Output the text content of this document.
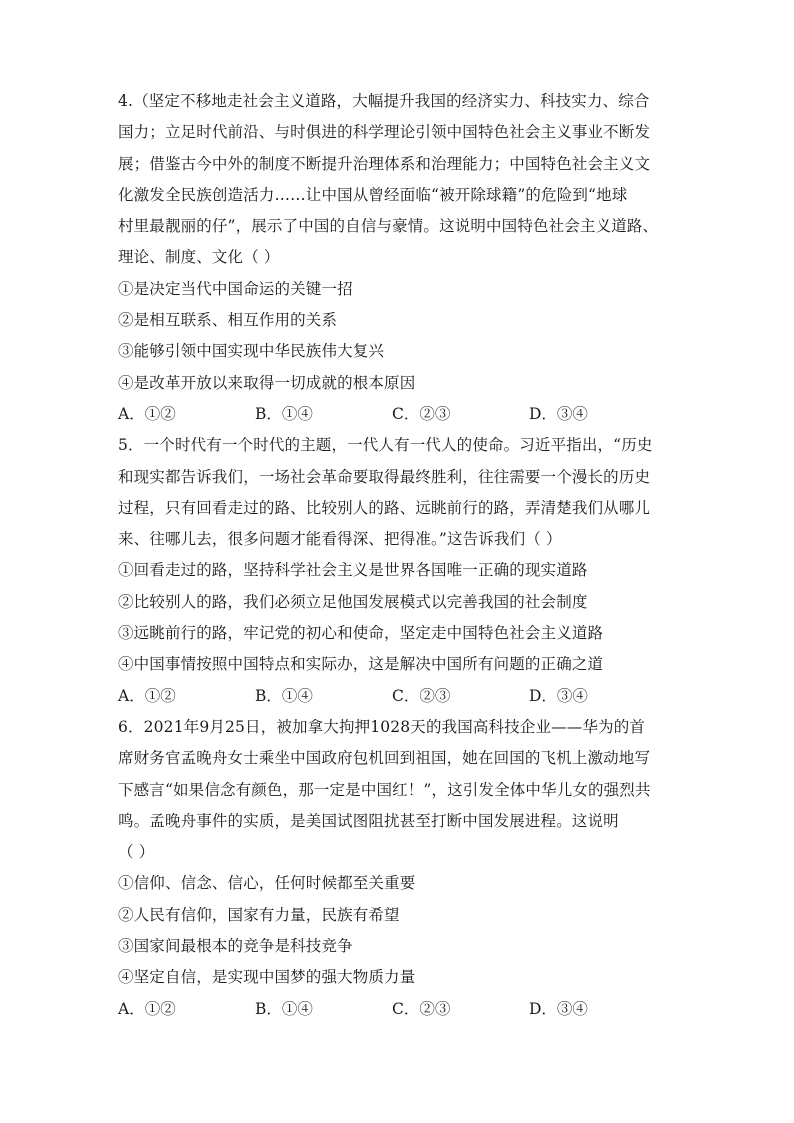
4.（坚定不移地走社会主义道路，大幅提升我国的经济实力、科技实力、综合
国力；立足时代前沿、与时俱进的科学理论引领中国特色社会主义事业不断发
展；借鉴古今中外的制度不断提升治理体系和治理能力；中国特色社会主义文
化激发全民族创造活力……让中国从曾经面临“被开除球籍”的危险到“地球
村里最靓丽的仔”，展示了中国的自信与豪情。这说明中国特色社会主义道路、
理论、制度、文化（ ）
①是决定当代中国命运的关键一招
②是相互联系、相互作用的关系
③能够引领中国实现中华民族伟大复兴
④是改革开放以来取得一切成就的根本原因
A．①②	B．①④	C．②③	D．③④
5．一个时代有一个时代的主题，一代人有一代人的使命。习近平指出，“历史
和现实都告诉我们，一场社会革命要取得最终胜利，往往需要一个漫长的历史
过程，只有回看走过的路、比较别人的路、远眺前行的路，弄清楚我们从哪儿
来、往哪儿去，很多问题才能看得深、把得准。”这告诉我们（ ）
①回看走过的路，坚持科学社会主义是世界各国唯一正确的现实道路
②比较别人的路，我们必须立足他国发展模式以完善我国的社会制度
③远眺前行的路，牢记党的初心和使命，坚定走中国特色社会主义道路
④中国事情按照中国特点和实际办，这是解决中国所有问题的正确之道
A．①②	B．①④	C．②③	D．③④
6．2021年9月25日，被加拿大拘押1028天的我国高科技企业——华为的首
席财务官孟晚舟女士乘坐中国政府包机回到祖国，她在回国的飞机上激动地写
下感言“如果信念有颜色，那一定是中国红！”，这引发全体中华儿女的强烈共
鸣。孟晚舟事件的实质，是美国试图阻扰甚至打断中国发展进程。这说明
（ ）
①信仰、信念、信心，任何时候都至关重要
②人民有信仰，国家有力量，民族有希望
③国家间最根本的竞争是科技竞争
④坚定自信，是实现中国梦的强大物质力量
A．①②	B．①④	C．②③	D．③④
